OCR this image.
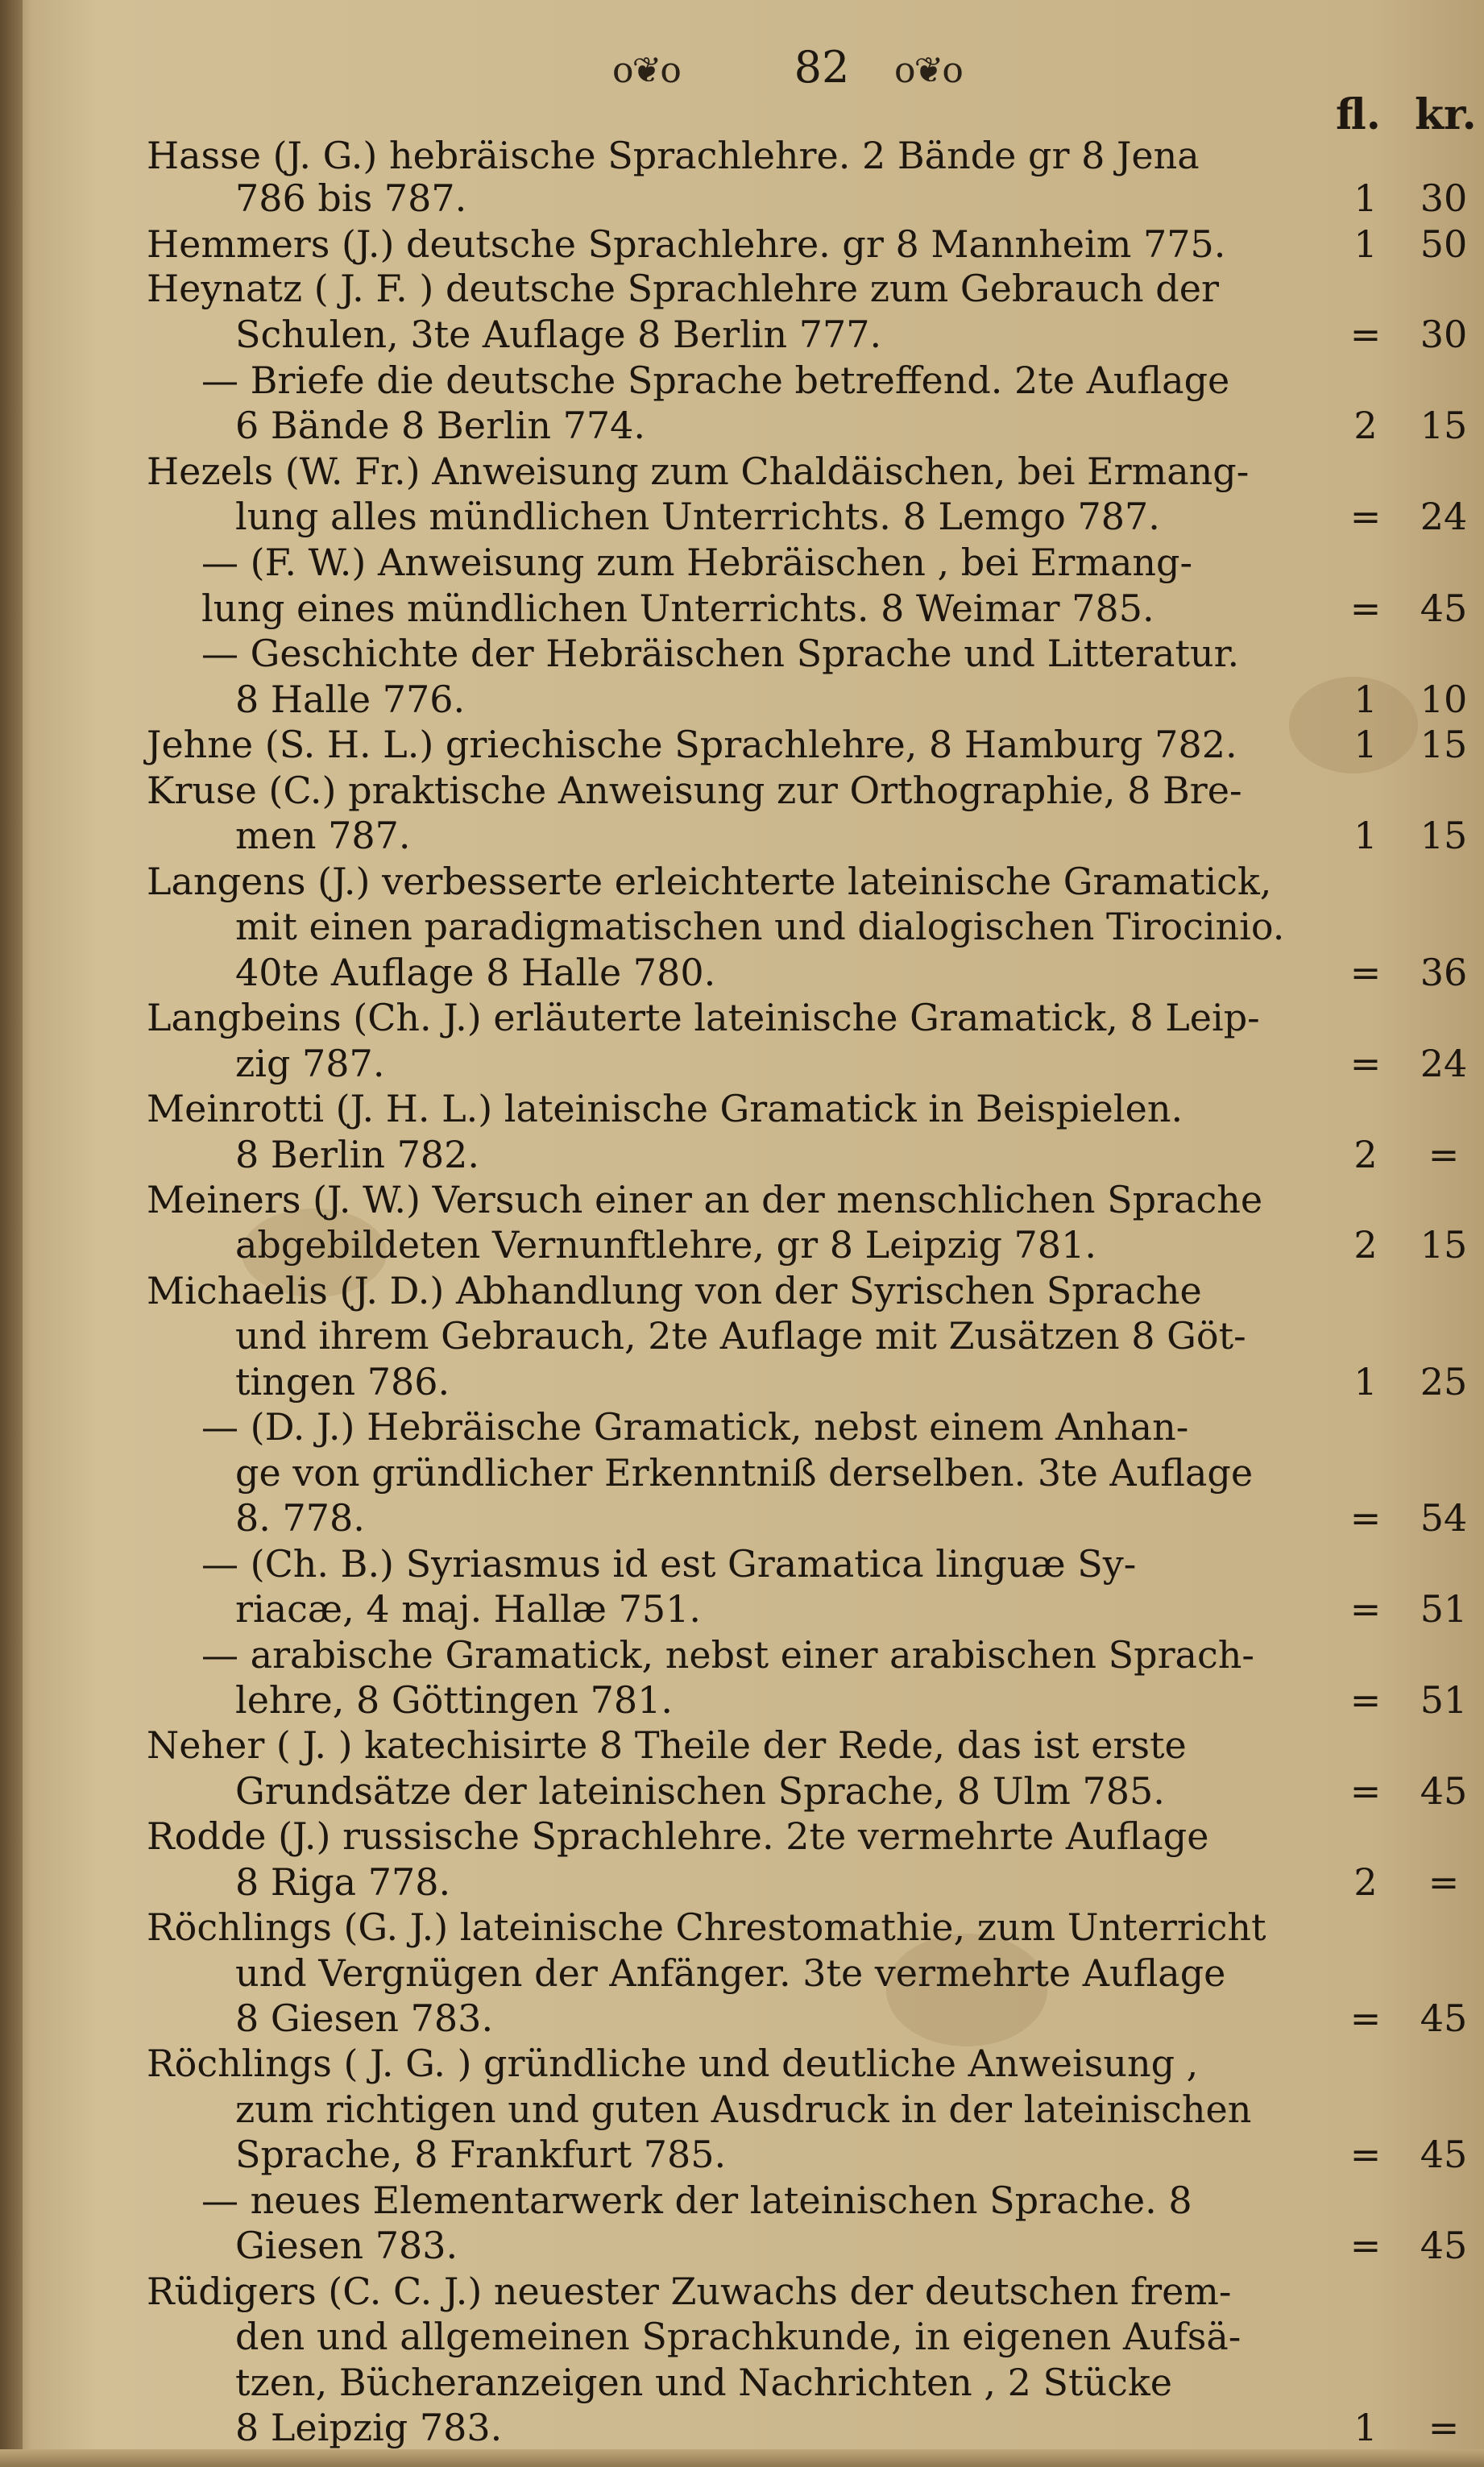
o❦o	82	o❦o
fl. kr.
Hasse (J. G.) hebräische Sprachlehre. 2 Bände gr 8 Jena
786 bis 787.	1	30
Hemmers (J.) deutsche Sprachlehre. gr 8 Mannheim 775.	1	50
Heynatz ( J. F. ) deutsche Sprachlehre zum Gebrauch der
Schulen, 3te Auflage 8 Berlin 777.	=	30
— Briefe die deutsche Sprache betreffend. 2te Auflage
6 Bände 8 Berlin 774.	2	15
Hezels (W. Fr.) Anweisung zum Chaldäischen, bei Ermang-
lung alles mündlichen Unterrichts. 8 Lemgo 787.	=	24
— (F. W.) Anweisung zum Hebräischen , bei Ermang-
lung eines mündlichen Unterrichts. 8 Weimar 785.	=	45
— Geschichte der Hebräischen Sprache und Litteratur.
8 Halle 776.	1	10
Jehne (S. H. L.) griechische Sprachlehre, 8 Hamburg 782.	1	15
Kruse (C.) praktische Anweisung zur Orthographie, 8 Bre-
men 787.	1	15
Langens (J.) verbesserte erleichterte lateinische Gramatick,
mit einen paradigmatischen und dialogischen Tirocinio.
40te Auflage 8 Halle 780.	=	36
Langbeins (Ch. J.) erläuterte lateinische Gramatick, 8 Leip-
zig 787.	=	24
Meinrotti (J. H. L.) lateinische Gramatick in Beispielen.
8 Berlin 782.	2	=
Meiners (J. W.) Versuch einer an der menschlichen Sprache
abgebildeten Vernunftlehre, gr 8 Leipzig 781.	2	15
Michaelis (J. D.) Abhandlung von der Syrischen Sprache
und ihrem Gebrauch, 2te Auflage mit Zusätzen 8 Göt-
tingen 786.	1	25
— (D. J.) Hebräische Gramatick, nebst einem Anhan-
ge von gründlicher Erkenntniß derselben. 3te Auflage
8. 778.	=	54
— (Ch. B.) Syriasmus id est Gramatica linguæ Sy-
riacæ, 4 maj. Hallæ 751.	=	51
— arabische Gramatick, nebst einer arabischen Sprach-
lehre, 8 Göttingen 781.	=	51
Neher ( J. ) katechisirte 8 Theile der Rede, das ist erste
Grundsätze der lateinischen Sprache, 8 Ulm 785.	=	45
Rodde (J.) russische Sprachlehre. 2te vermehrte Auflage
8 Riga 778.	2	=
Röchlings (G. J.) lateinische Chrestomathie, zum Unterricht
und Vergnügen der Anfänger. 3te vermehrte Auflage
8 Giesen 783.	=	45
Röchlings ( J. G. ) gründliche und deutliche Anweisung ,
zum richtigen und guten Ausdruck in der lateinischen
Sprache, 8 Frankfurt 785.	=	45
— neues Elementarwerk der lateinischen Sprache. 8
Giesen 783.	=	45
Rüdigers (C. C. J.) neuester Zuwachs der deutschen frem-
den und allgemeinen Sprachkunde, in eigenen Aufsä-
tzen, Bücheranzeigen und Nachrichten , 2 Stücke
8 Leipzig 783.	1	=
